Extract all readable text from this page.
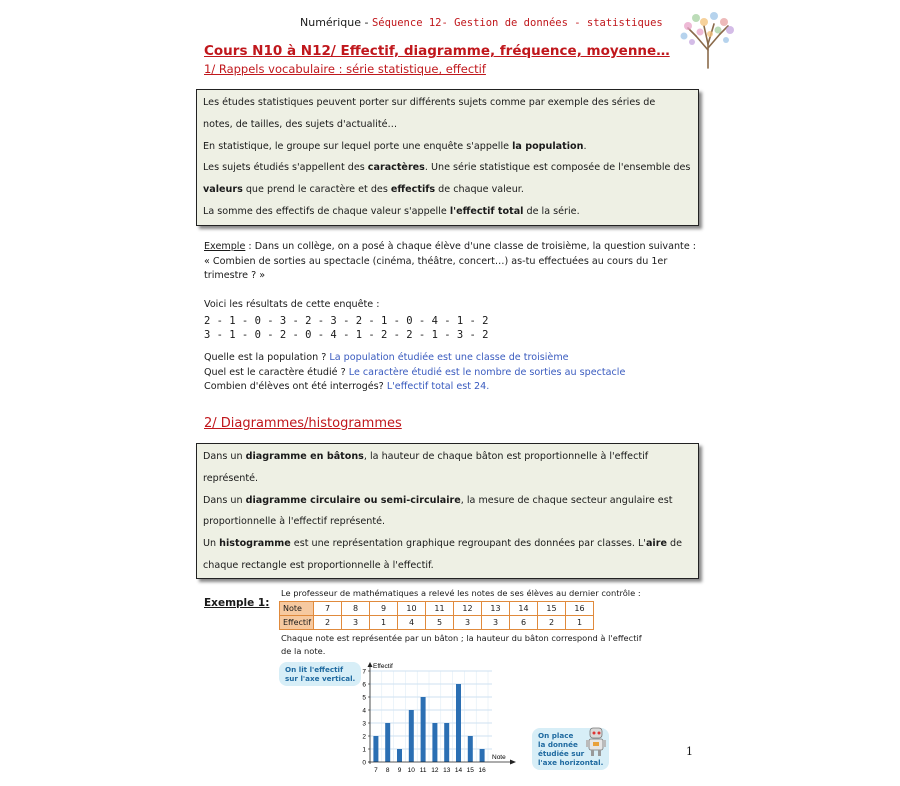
Numérique - Séquence 12- Gestion de données - statistiques
Cours N10 à N12/ Effectif, diagramme, fréquence, moyenne…
1/ Rappels vocabulaire : série statistique, effectif

Les études statistiques peuvent porter sur différents sujets comme par exemple des séries de

notes, de tailles, des sujets d'actualité…

En statistique, le groupe sur lequel porte une enquête s'appelle la population.

Les sujets étudiés s'appellent des caractères. Une série statistique est composée de l'ensemble des

valeurs que prend le caractère et des effectifs de chaque valeur.

La somme des effectifs de chaque valeur s'appelle l'effectif total de la série.

Exemple : Dans un collège, on a posé à chaque élève d'une classe de troisième, la question suivante :
« Combien de sorties au spectacle (cinéma, théâtre, concert…) as-tu effectuées au cours du 1er
trimestre ? »
Voici les résultats de cette enquête :
2 - 1 - 0 - 3 - 2 - 3 - 2 - 1 - 0 - 4 - 1 - 2
3 - 1 - 0 - 2 - 0 - 4 - 1 - 2 - 2 - 1 - 3 - 2
Quelle est la population ? La population étudiée est une classe de troisième
Quel est le caractère étudié ? Le caractère étudié est le nombre de sorties au spectacle
Combien d'élèves ont été interrogés? L'effectif total est 24.
2/ Diagrammes/histogrammes

Dans un diagramme en bâtons, la hauteur de chaque bâton est proportionnelle à l'effectif

représenté.

Dans un diagramme circulaire ou semi-circulaire, la mesure de chaque secteur angulaire est

proportionnelle à l'effectif représenté.

Un histogramme est une représentation graphique regroupant des données par classes. L'aire de

chaque rectangle est proportionnelle à l'effectif.

Exemple 1:
Le professeur de mathématiques a relevé les notes de ses élèves au dernier contrôle :
Note	7	8	9	10	11	12	13	14	15	16
Effectif	2	3	1	4	5	3	3	6	2	1
Chaque note est représentée par un bâton ; la hauteur du bâton correspond à l'effectif
de la note.
On lit l'effectif
sur l'axe vertical.
0
1
2
3
4
5
6
7
7 8 9 10 11 12 13 14 15 16
Effectif
Note
On place
la donnée
étudiée sur
l'axe horizontal.
1
